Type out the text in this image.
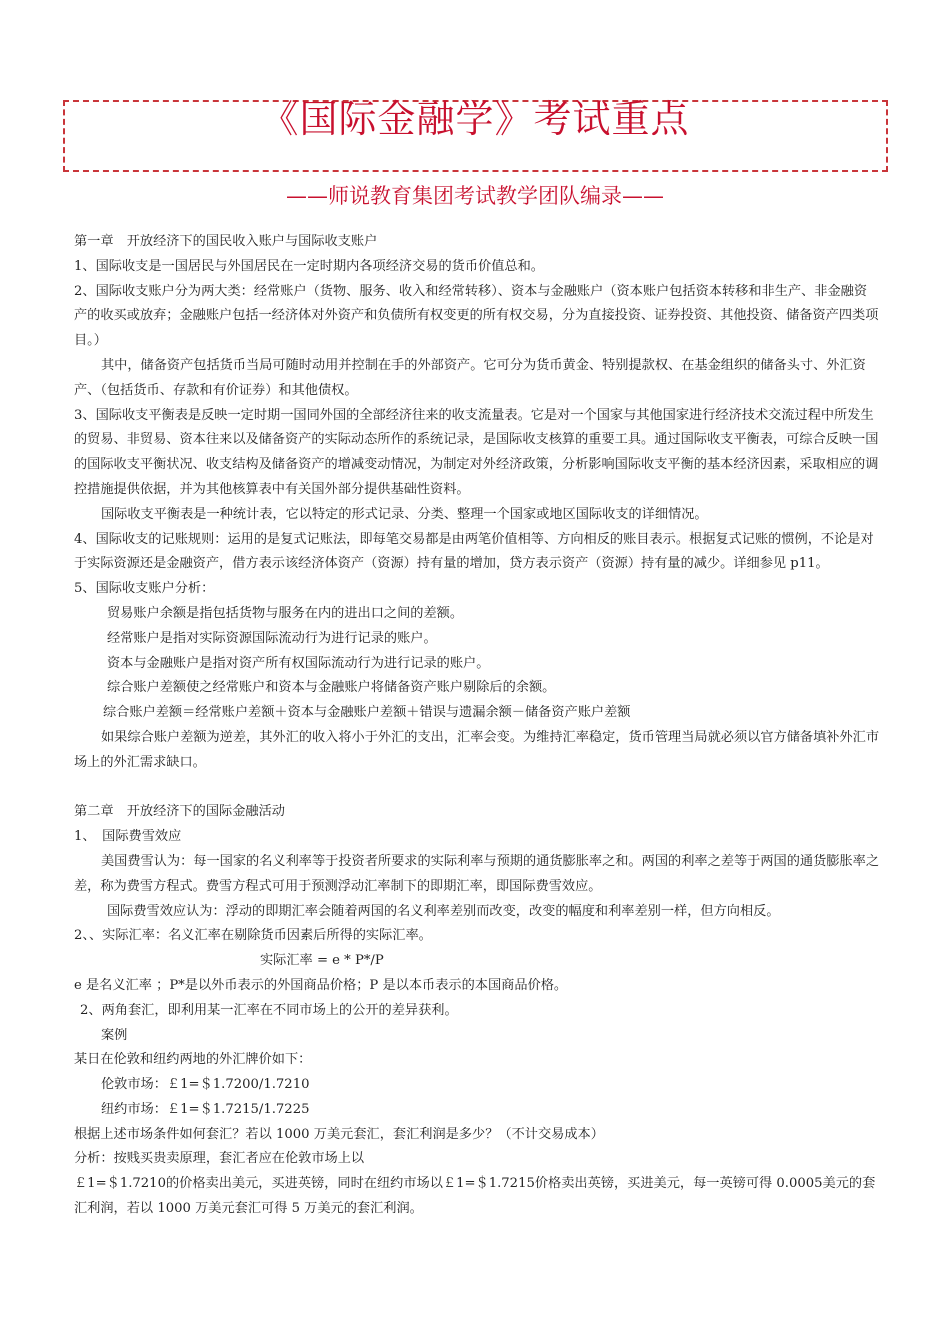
《国际金融学》考试重点
——师说教育集团考试教学团队编录——

第一章　开放经济下的国民收入账户与国际收支账户

1、国际收支是一国居民与外国居民在一定时期内各项经济交易的货币价值总和。

2、国际收支账户分为两大类：经常账户（货物、服务、收入和经常转移）、资本与金融账户（资本账户包括资本转移和非生产、非金融资产的收买或放弃；金融账户包括一经济体对外资产和负债所有权变更的所有权交易，分为直接投资、证券投资、其他投资、储备资产四类项目。）

其中，储备资产包括货币当局可随时动用并控制在手的外部资产。它可分为货币黄金、特别提款权、在基金组织的储备头寸、外汇资产、（包括货币、存款和有价证券）和其他债权。

3、国际收支平衡表是反映一定时期一国同外国的全部经济往来的收支流量表。它是对一个国家与其他国家进行经济技术交流过程中所发生的贸易、非贸易、资本往来以及储备资产的实际动态所作的系统记录，是国际收支核算的重要工具。通过国际收支平衡表，可综合反映一国的国际收支平衡状况、收支结构及储备资产的增减变动情况，为制定对外经济政策，分析影响国际收支平衡的基本经济因素，采取相应的调控措施提供依据，并为其他核算表中有关国外部分提供基础性资料。

国际收支平衡表是一种统计表，它以特定的形式记录、分类、整理一个国家或地区国际收支的详细情况。

4、国际收支的记账规则：运用的是复式记账法，即每笔交易都是由两笔价值相等、方向相反的账目表示。根据复式记账的惯例，不论是对于实际资源还是金融资产，借方表示该经济体资产（资源）持有量的增加，贷方表示资产（资源）持有量的减少。详细参见 p11。

5、国际收支账户分析：

贸易账户余额是指包括货物与服务在内的进出口之间的差额。

经常账户是指对实际资源国际流动行为进行记录的账户。

资本与金融账户是指对资产所有权国际流动行为进行记录的账户。

综合账户差额使之经常账户和资本与金融账户将储备资产账户剔除后的余额。

综合账户差额＝经常账户差额＋资本与金融账户差额＋错误与遗漏余额－储备资产账户差额

如果综合账户差额为逆差，其外汇的收入将小于外汇的支出，汇率会变。为维持汇率稳定，货币管理当局就必须以官方储备填补外汇市场上的外汇需求缺口。

第二章　开放经济下的国际金融活动

1、　国际费雪效应

美国费雪认为：每一国家的名义利率等于投资者所要求的实际利率与预期的通货膨胀率之和。两国的利率之差等于两国的通货膨胀率之差，称为费雪方程式。费雪方程式可用于预测浮动汇率制下的即期汇率，即国际费雪效应。

国际费雪效应认为：浮动的即期汇率会随着两国的名义利率差别而改变，改变的幅度和利率差别一样，但方向相反。

2、、实际汇率：名义汇率在剔除货币因素后所得的实际汇率。

实际汇率 = e * P*/P

e 是名义汇率 ；P*是以外币表示的外国商品价格；P 是以本币表示的本国商品价格。

2、两角套汇，即利用某一汇率在不同市场上的公开的差异获利。

案例

某日在伦敦和纽约两地的外汇牌价如下：

伦敦市场：￡1=＄1.7200/1.7210

纽约市场：￡1=＄1.7215/1.7225

根据上述市场条件如何套汇？若以 1000 万美元套汇，套汇利润是多少？（不计交易成本）

分析：按贱买贵卖原理，套汇者应在伦敦市场上以

￡1=＄1.7210的价格卖出美元，买进英镑，同时在纽约市场以￡1=＄1.7215价格卖出英镑，买进美元，每一英镑可得 0.0005美元的套汇利润，若以 1000 万美元套汇可得 5 万美元的套汇利润。
